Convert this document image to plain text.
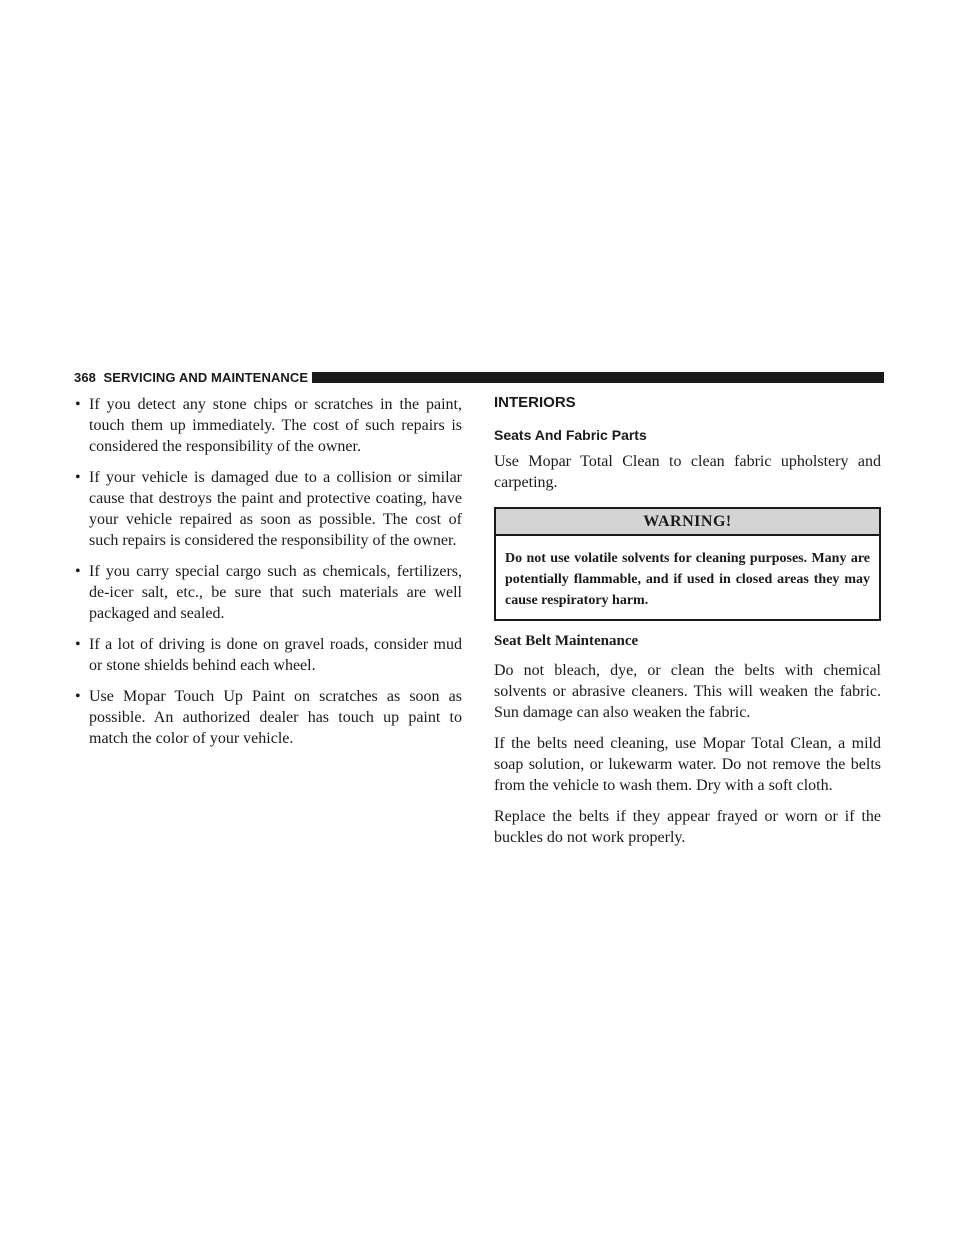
368 SERVICING AND MAINTENANCE
• If you detect any stone chips or scratches in the paint, touch them up immediately. The cost of such repairs is considered the responsibility of the owner.
• If your vehicle is damaged due to a collision or similar cause that destroys the paint and protective coating, have your vehicle repaired as soon as possible. The cost of such repairs is considered the responsibility of the owner.
• If you carry special cargo such as chemicals, fertilizers, de-icer salt, etc., be sure that such materials are well packaged and sealed.
• If a lot of driving is done on gravel roads, consider mud or stone shields behind each wheel.
• Use Mopar Touch Up Paint on scratches as soon as possible. An authorized dealer has touch up paint to match the color of your vehicle.
INTERIORS
Seats And Fabric Parts

Use Mopar Total Clean to clean fabric upholstery and carpeting.

WARNING!
Do not use volatile solvents for cleaning purposes. Many are potentially flammable, and if used in closed areas they may cause respiratory harm.
Seat Belt Maintenance

Do not bleach, dye, or clean the belts with chemical solvents or abrasive cleaners. This will weaken the fabric. Sun damage can also weaken the fabric.

If the belts need cleaning, use Mopar Total Clean, a mild soap solution, or lukewarm water. Do not remove the belts from the vehicle to wash them. Dry with a soft cloth.

Replace the belts if they appear frayed or worn or if the buckles do not work properly.
